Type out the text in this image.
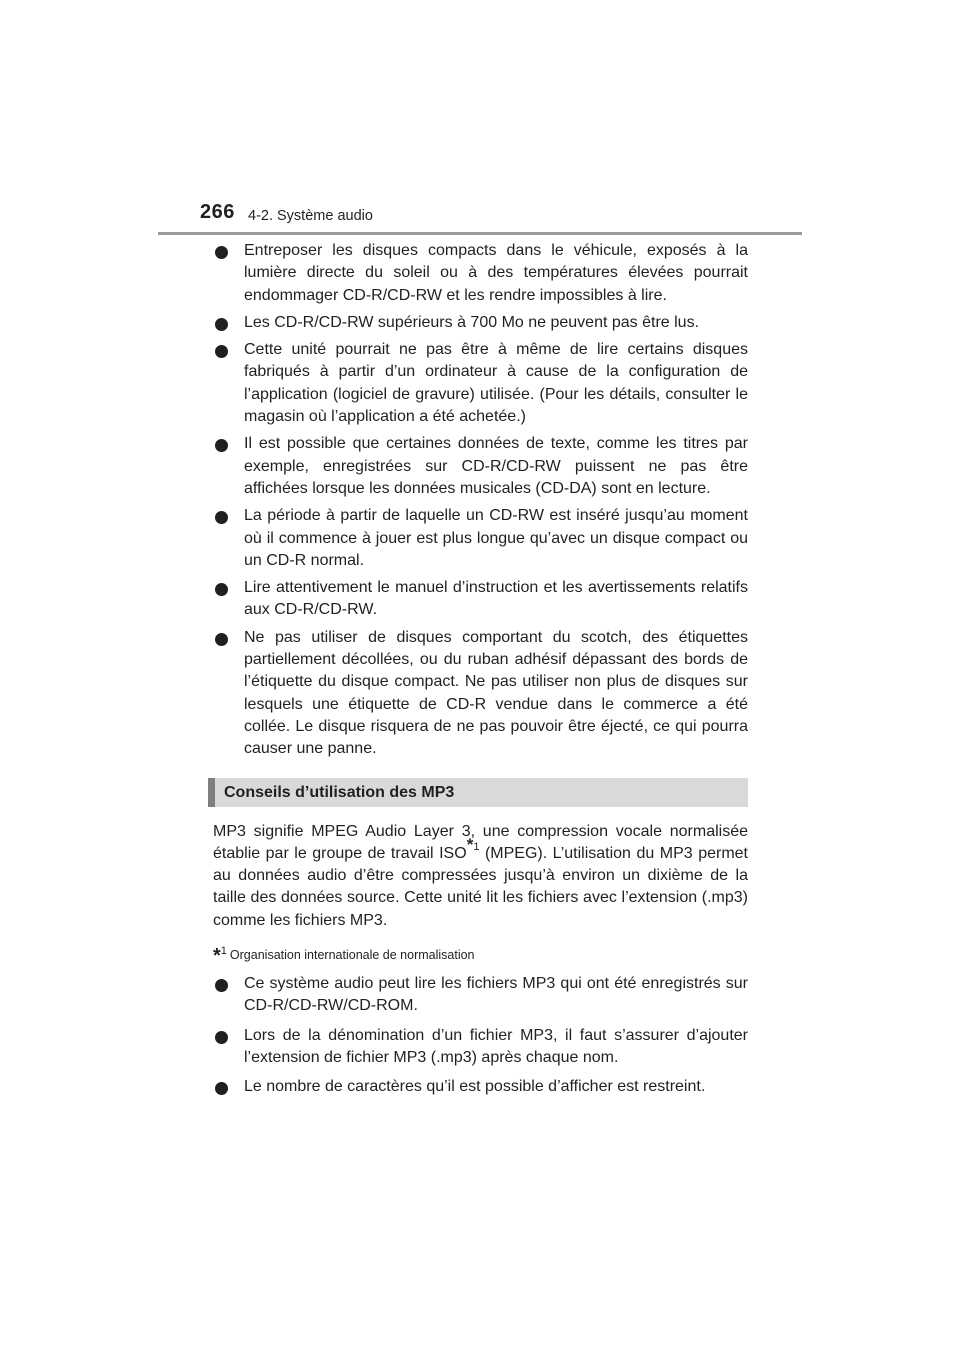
266 4-2. Système audio
Entreposer les disques compacts dans le véhicule, exposés à la lumière directe du soleil ou à des températures élevées pourrait endommager CD-R/CD-RW et les rendre impossibles à lire.
Les CD-R/CD-RW supérieurs à 700 Mo ne peuvent pas être lus.
Cette unité pourrait ne pas être à même de lire certains disques fabriqués à partir d’un ordinateur à cause de la configuration de l’application (logiciel de gravure) utilisée. (Pour les détails, consulter le magasin où l’application a été achetée.)
Il est possible que certaines données de texte, comme les titres par exemple, enregistrées sur CD-R/CD-RW puissent ne pas être affichées lorsque les données musicales (CD-DA) sont en lecture.
La période à partir de laquelle un CD-RW est inséré jusqu’au moment où il commence à jouer est plus longue qu’avec un disque compact ou un CD-R normal.
Lire attentivement le manuel d’instruction et les avertissements relatifs aux CD-R/CD-RW.
Ne pas utiliser de disques comportant du scotch, des étiquettes partiellement décollées, ou du ruban adhésif dépassant des bords de l’étiquette du disque compact. Ne pas utiliser non plus de disques sur lesquels une étiquette de CD-R vendue dans le commerce a été collée. Le disque risquera de ne pas pouvoir être éjecté, ce qui pourra causer une panne.
Conseils d’utilisation des MP3

MP3 signifie MPEG Audio Layer 3, une compression vocale normalisée établie par le groupe de travail ISO$^{*1}$ (MPEG). L’utilisation du MP3 permet au données audio d’être compressées jusqu’à environ un dixième de la taille des données source. Cette unité lit les fichiers avec l’extension (.mp3) comme les fichiers MP3.

*1 Organisation internationale de normalisation

Ce système audio peut lire les fichiers MP3 qui ont été enregistrés sur CD-R/CD-RW/CD-ROM.
Lors de la dénomination d’un fichier MP3, il faut s’assurer d’ajouter l’extension de fichier MP3 (.mp3) après chaque nom.
Le nombre de caractères qu’il est possible d’afficher est restreint.
